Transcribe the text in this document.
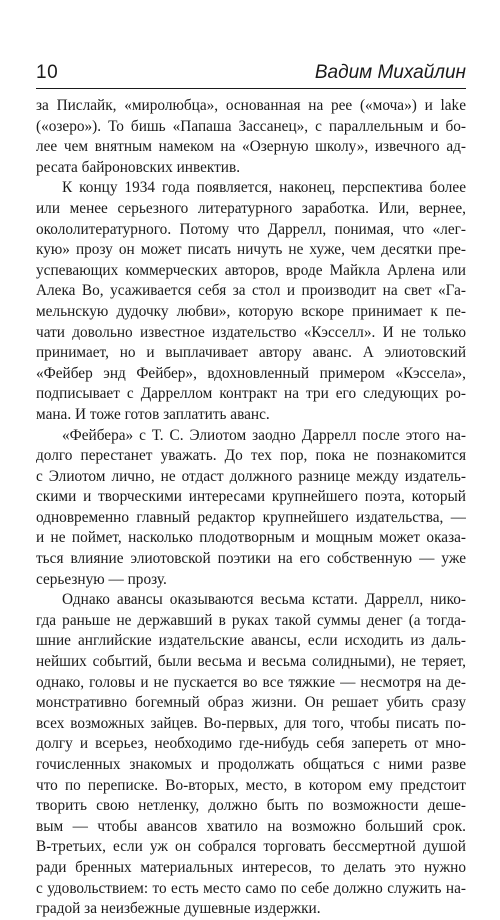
10	Вадим Михайлин
за Пислайк, «миролюбца», основанная на pee («моча») и lake
(«озеро»). То бишь «Папаша Зассанец», с параллельным и бо-
лее чем внятным намеком на «Озерную школу», извечного ад-
ресата байроновских инвектив.
К концу 1934 года появляется, наконец, перспектива более
или менее серьезного литературного заработка. Или, вернее,
окололитературного. Потому что Даррелл, понимая, что «лег-
кую» прозу он может писать ничуть не хуже, чем десятки пре-
успевающих коммерческих авторов, вроде Майкла Арлена или
Алека Во, усаживается себя за стол и производит на свет «Га-
мельнскую дудочку любви», которую вскоре принимает к пе-
чати довольно известное издательство «Кэсселл». И не только
принимает, но и выплачивает автору аванс. А элиотовский
«Фейбер энд Фейбер», вдохновленный примером «Кэссела»,
подписывает с Дарреллом контракт на три его следующих ро-
мана. И тоже готов заплатить аванс.
«Фейбера» с Т. С. Элиотом заодно Даррелл после этого на-
долго перестанет уважать. До тех пор, пока не познакомится
с Элиотом лично, не отдаст должного разнице между издатель-
скими и творческими интересами крупнейшего поэта, который
одновременно главный редактор крупнейшего издательства, —
и не поймет, насколько плодотворным и мощным может оказа-
ться влияние элиотовской поэтики на его собственную — уже
серьезную — прозу.
Однако авансы оказываются весьма кстати. Даррелл, нико-
гда раньше не державший в руках такой суммы денег (а тогда-
шние английские издательские авансы, если исходить из даль-
нейших событий, были весьма и весьма солидными), не теряет,
однако, головы и не пускается во все тяжкие — несмотря на де-
монстративно богемный образ жизни. Он решает убить сразу
всех возможных зайцев. Во-первых, для того, чтобы писать по-
долгу и всерьез, необходимо где-нибудь себя запереть от мно-
гочисленных знакомых и продолжать общаться с ними разве
что по переписке. Во-вторых, место, в котором ему предстоит
творить свою нетленку, должно быть по возможности деше-
вым — чтобы авансов хватило на возможно больший срок.
В-третьих, если уж он собрался торговать бессмертной душой
ради бренных материальных интересов, то делать это нужно
с удовольствием: то есть место само по себе должно служить на-
градой за неизбежные душевные издержки.
